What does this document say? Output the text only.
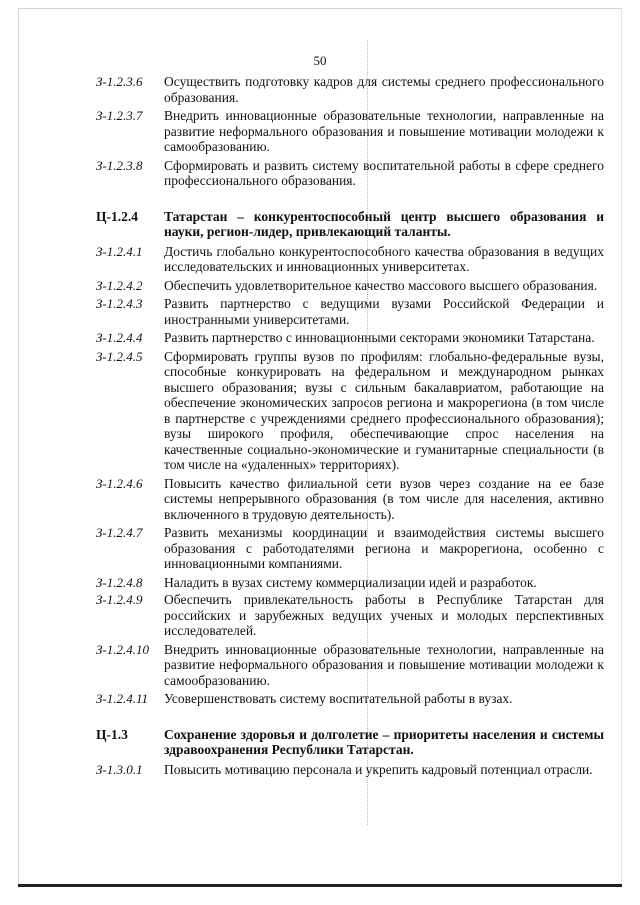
50
З-1.2.3.6	Осуществить подготовку кадров для системы среднего профессионального образования.
З-1.2.3.7	Внедрить инновационные образовательные технологии, направленные на развитие неформального образования и повышение мотивации молодежи к самообразованию.
З-1.2.3.8	Сформировать и развить систему воспитательной работы в сфере среднего профессионального образования.
Ц-1.2.4	Татарстан – конкурентоспособный центр высшего образования и науки, регион-лидер, привлекающий таланты.
З-1.2.4.1	Достичь глобально конкурентоспособного качества образования в ведущих исследовательских и инновационных университетах.
З-1.2.4.2	Обеспечить удовлетворительное качество массового высшего образования.
З-1.2.4.3	Развить партнерство с ведущими вузами Российской Федерации и иностранными университетами.
З-1.2.4.4	Развить партнерство с инновационными секторами экономики Татарстана.
З-1.2.4.5	Сформировать группы вузов по профилям: глобально-федеральные вузы, способные конкурировать на федеральном и международном рынках высшего образования; вузы с сильным бакалавриатом, работающие на обеспечение экономических запросов региона и макрорегиона (в том числе в партнерстве с учреждениями среднего профессионального образования); вузы широкого профиля, обеспечивающие спрос населения на качественные социально-экономические и гуманитарные специальности (в том числе на «удаленных» территориях).
З-1.2.4.6	Повысить качество филиальной сети вузов через создание на ее базе системы непрерывного образования (в том числе для населения, активно включенного в трудовую деятельность).
З-1.2.4.7	Развить механизмы координации и взаимодействия системы высшего образования с работодателями региона и макрорегиона, особенно с инновационными компаниями.
З-1.2.4.8	Наладить в вузах систему коммерциализации идей и разработок.
З-1.2.4.9	Обеспечить привлекательность работы в Республике Татарстан для российских и зарубежных ведущих ученых и молодых перспективных исследователей.
З-1.2.4.10	Внедрить инновационные образовательные технологии, направленные на развитие неформального образования и повышение мотивации молодежи к самообразованию.
З-1.2.4.11	Усовершенствовать систему воспитательной работы в вузах.
Ц-1.3	Сохранение здоровья и долголетие – приоритеты населения и системы здравоохранения Республики Татарстан.
З-1.3.0.1	Повысить мотивацию персонала и укрепить кадровый потенциал отрасли.
